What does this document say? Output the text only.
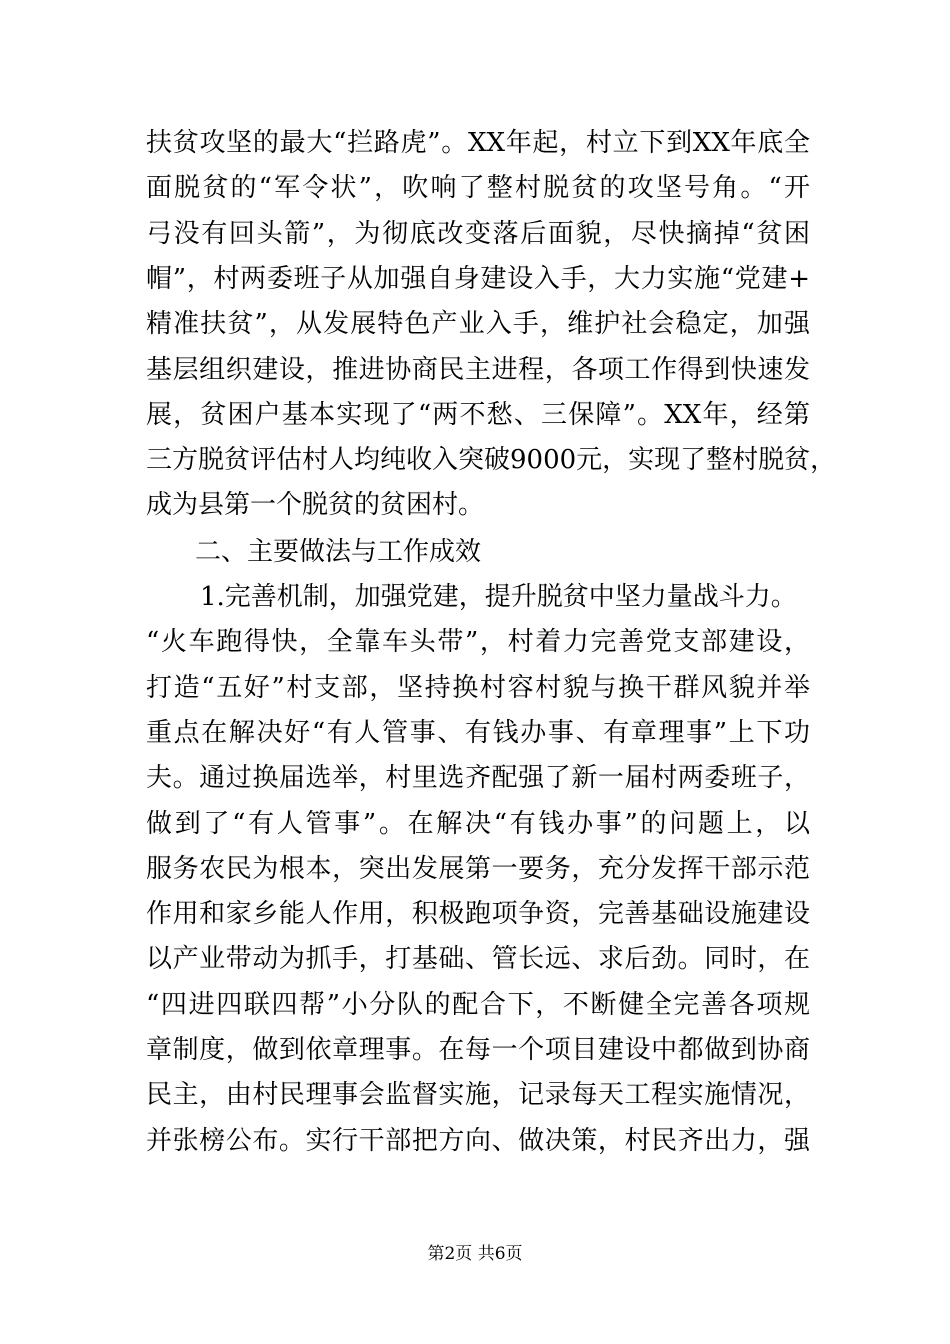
扶贫攻坚的最大“拦路虎”。XX年起，村立下到XX年底全
面脱贫的“军令状”，吹响了整村脱贫的攻坚号角。“开
弓没有回头箭”，为彻底改变落后面貌，尽快摘掉“贫困
帽”，村两委班子从加强自身建设入手，大力实施“党建+
精准扶贫”，从发展特色产业入手，维护社会稳定，加强
基层组织建设，推进协商民主进程，各项工作得到快速发
展，贫困户基本实现了“两不愁、三保障”。XX年，经第
三方脱贫评估村人均纯收入突破9000元，实现了整村脱贫，
成为县第一个脱贫的贫困村。
二、主要做法与工作成效
1.完善机制，加强党建，提升脱贫中坚力量战斗力。
“火车跑得快，全靠车头带”，村着力完善党支部建设，
打造“五好”村支部，坚持换村容村貌与换干群风貌并举
重点在解决好“有人管事、有钱办事、有章理事”上下功
夫。通过换届选举，村里选齐配强了新一届村两委班子，
做到了“有人管事”。在解决“有钱办事”的问题上，以
服务农民为根本，突出发展第一要务，充分发挥干部示范
作用和家乡能人作用，积极跑项争资，完善基础设施建设
以产业带动为抓手，打基础、管长远、求后劲。同时，在
“四进四联四帮”小分队的配合下，不断健全完善各项规
章制度，做到依章理事。在每一个项目建设中都做到协商
民主，由村民理事会监督实施，记录每天工程实施情况，
并张榜公布。实行干部把方向、做决策，村民齐出力，强
第2页 共6页
